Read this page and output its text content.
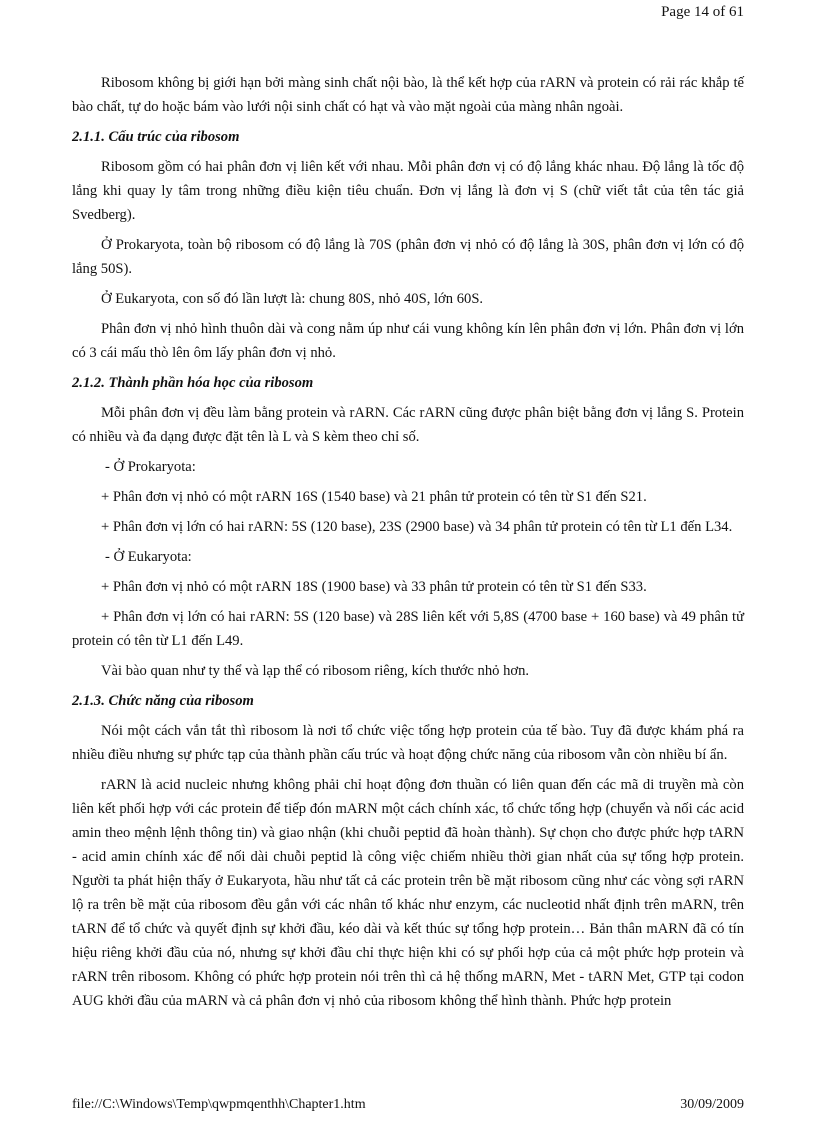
Page 14 of 61

Ribosom không bị giới hạn bởi màng sinh chất nội bào, là thể kết hợp của rARN và protein có rải rác khắp tế bào chất, tự do hoặc bám vào lưới nội sinh chất có hạt và vào mặt ngoài của màng nhân ngoài.

2.1.1. Cấu trúc của ribosom

Ribosom gồm có hai phân đơn vị liên kết với nhau. Mỗi phân đơn vị có độ lắng khác nhau. Độ lắng là tốc độ lắng khi quay ly tâm trong những điều kiện tiêu chuẩn. Đơn vị lắng là đơn vị S (chữ viết tắt của tên tác giả Svedberg).

Ở Prokaryota, toàn bộ ribosom có độ lắng là 70S (phân đơn vị nhỏ có độ lắng là 30S, phân đơn vị lớn có độ lắng 50S).

Ở Eukaryota, con số đó lần lượt là: chung 80S, nhỏ 40S, lớn 60S.

Phân đơn vị nhỏ hình thuôn dài và cong nằm úp như cái vung không kín lên phân đơn vị lớn. Phân đơn vị lớn có 3 cái mấu thò lên ôm lấy phân đơn vị nhỏ.

2.1.2. Thành phần hóa học của ribosom

Mỗi phân đơn vị đều làm bằng protein và rARN. Các rARN cũng được phân biệt bằng đơn vị lắng S. Protein có nhiều và đa dạng được đặt tên là L và S kèm theo chỉ số.

- Ở Prokaryota:

+ Phân đơn vị nhỏ có một rARN 16S (1540 base) và 21 phân tử protein có tên từ S1 đến S21.

+ Phân đơn vị lớn có hai rARN: 5S (120 base), 23S (2900 base) và 34 phân tử protein có tên từ L1 đến L34.

- Ở Eukaryota:

+ Phân đơn vị nhỏ có một rARN 18S (1900 base) và 33 phân tử protein có tên từ S1 đến S33.

+ Phân đơn vị lớn có hai rARN: 5S (120 base) và 28S liên kết với 5,8S (4700 base + 160 base) và 49 phân tử protein có tên từ L1 đến L49.

Vài bào quan như ty thể và lạp thể có ribosom riêng, kích thước nhỏ hơn.

2.1.3. Chức năng của ribosom

Nói một cách vắn tắt thì ribosom là nơi tổ chức việc tổng hợp protein của tế bào. Tuy đã được khám phá ra nhiều điều nhưng sự phức tạp của thành phần cấu trúc và hoạt động chức năng của ribosom vẫn còn nhiều bí ẩn.

rARN là acid nucleic nhưng không phải chỉ hoạt động đơn thuần có liên quan đến các mã di truyền mà còn liên kết phối hợp với các protein để tiếp đón mARN một cách chính xác, tổ chức tổng hợp (chuyển và nối các acid amin theo mệnh lệnh thông tin) và giao nhận (khi chuỗi peptid đã hoàn thành). Sự chọn cho được phức hợp tARN - acid amin chính xác để nối dài chuỗi peptid là công việc chiếm nhiều thời gian nhất của sự tổng hợp protein. Người ta phát hiện thấy ở Eukaryota, hầu như tất cả các protein trên bề mặt ribosom cũng như các vòng sợi rARN lộ ra trên bề mặt của ribosom đều gắn với các nhân tố khác như enzym, các nucleotid nhất định trên mARN, trên tARN để tổ chức và quyết định sự khởi đầu, kéo dài và kết thúc sự tổng hợp protein… Bản thân mARN đã có tín hiệu riêng khởi đầu của nó, nhưng sự khởi đầu chỉ thực hiện khi có sự phối hợp của cả một phức hợp protein và rARN trên ribosom. Không có phức hợp protein nói trên thì cả hệ thống mARN, Met - tARN Met, GTP tại codon AUG khởi đầu của mARN và cả phân đơn vị nhỏ của ribosom không thể hình thành. Phức hợp protein

file://C:\Windows\Temp\qwpmqenthh\Chapter1.htm	30/09/2009
